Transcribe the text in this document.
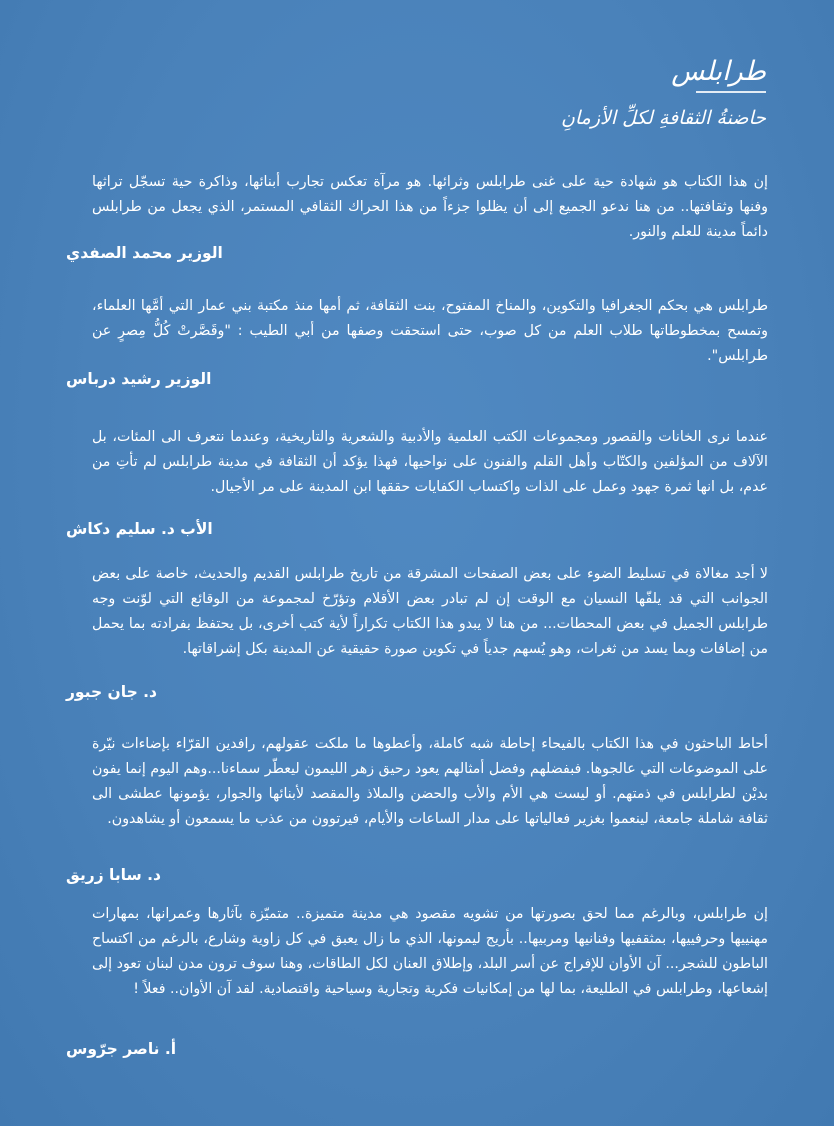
طرابلس
حاضنةُ الثقافةِ لكلِّ الأزمانِ

إن هذا الكتاب هو شهادة حية على غنى طرابلس وثرائها. هو مرآة تعكس تجارب أبنائها، وذاكرة حية تسجّل تراثها وفنها وثقافتها.. من هنا ندعو الجميع إلى أن يظلوا جزءاً من هذا الحراك الثقافي المستمر، الذي يجعل من طرابلس دائماً مدينة للعلم والنور.

الوزير محمد الصفدي

طرابلس هي بحكم الجغرافيا والتكوين، والمناخ المفتوح، بنت الثقافة، ثم أمها منذ مكتبة بني عمار التي أمَّها العلماء، وتمسح بمخطوطاتها طلاب العلم من كل صوب، حتى استحقت وصفها من أبي الطيب : "وقَصَّرتْ كُلُّ مِصرٍ عن طرابلس".

الوزير رشيد درباس

عندما نرى الخانات والقصور ومجموعات الكتب العلمية والأدبية والشعرية والتاريخية، وعندما نتعرف الى المئات، بل الآلاف من المؤلفين والكتّاب وأهل القلم والفنون على نواحيها، فهذا يؤكد أن الثقافة في مدينة طرابلس لم تأتِ من عدم، بل انها ثمرة جهود وعمل على الذات واكتساب الكفايات حققها ابن المدينة على مر الأجيال.

الأب د. سليم دكاش

لا أجد مغالاة في تسليط الضوء على بعض الصفحات المشرقة من تاريخ طرابلس القديم والحديث، خاصة على بعض الجوانب التي قد يلفّها النسيان مع الوقت إن لم تبادر بعض الأقلام وتؤرّخ لمجموعة من الوقائع التي لوّنت وجه طرابلس الجميل في بعض المحطات... من هنا لا يبدو هذا الكتاب تكراراً لأية كتب أخرى، بل يحتفظ بفرادته بما يحمل من إضافات وبما يسد من ثغرات، وهو يُسهم جدياً في تكوين صورة حقيقية عن المدينة بكل إشراقاتها.

د. جان جبور

أحاط الباحثون في هذا الكتاب بالفيحاء إحاطة شبه كاملة، وأعطوها ما ملكت عقولهم، رافدين القرّاء بإضاءات نيّرة على الموضوعات التي عالجوها. فبفضلهم وفضل أمثالهم يعود رحيق زهر الليمون ليعطّر سماءنا...وهم اليوم إنما يفون بديْن لطرابلس في ذمتهم. أو ليست هي الأم والأب والحضن والملاذ والمقصد لأبنائها والجوار، يؤمونها عطشى الى ثقافة شاملة جامعة، لينعموا بغزير فعالياتها على مدار الساعات والأيام، فيرتوون من عذب ما يسمعون أو يشاهدون.

د. سابا زريق

إن طرابلس، وبالرغم مما لحق بصورتها من تشويه مقصود هي مدينة متميزة.. متميّزة بآثارها وعمرانها، بمهارات مهنييها وحرفييها، بمثقفيها وفنانيها ومربيها.. بأريج ليمونها، الذي ما زال يعبق في كل زاوية وشارع، بالرغم من اكتساح الباطون للشجر... آن الأوان للإفراج عن أسر البلد، وإطلاق العنان لكل الطاقات، وهنا سوف ترون مدن لبنان تعود إلى إشعاعها، وطرابلس في الطليعة، بما لها من إمكانيات فكرية وتجارية وسياحية واقتصادية. لقد آن الأوان.. فعلاً !

أ. ناصر جرّوس
